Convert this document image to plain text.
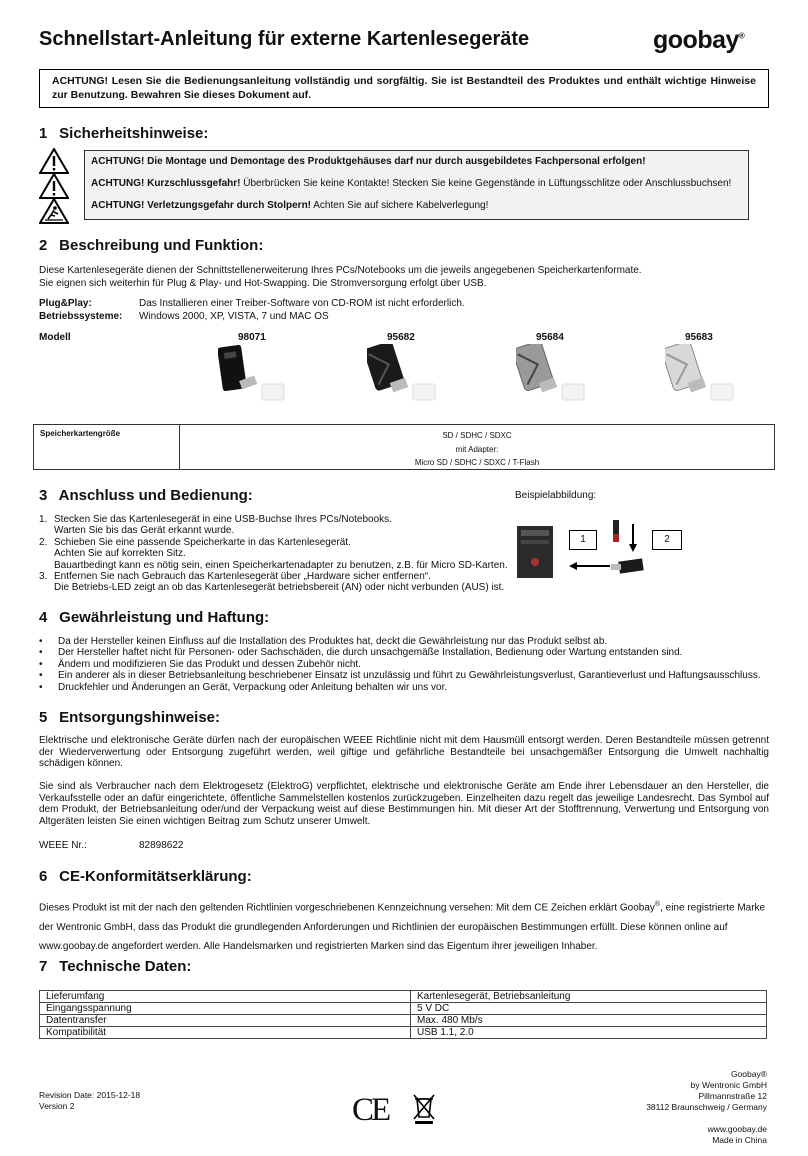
Schnellstart-Anleitung für externe Kartenlesegeräte	goobay®
ACHTUNG! Lesen Sie die Bedienungsanleitung vollständig und sorgfältig. Sie ist Bestandteil des Produktes und enthält wichtige Hinweise zur Benutzung. Bewahren Sie dieses Dokument auf.
1 Sicherheitshinweise:

ACHTUNG! Die Montage und Demontage des Produktgehäuses darf nur durch ausgebildetes Fachpersonal erfolgen!

ACHTUNG! Kurzschlussgefahr! Überbrücken Sie keine Kontakte! Stecken Sie keine Gegenstände in Lüftungsschlitze oder Anschlussbuchsen!

ACHTUNG! Verletzungsgefahr durch Stolpern! Achten Sie auf sichere Kabelverlegung!

2 Beschreibung und Funktion:
Diese Kartenlesegeräte dienen der Schnittstellenerweiterung Ihres PCs/Notebooks um die jeweils angegebenen Speicherkartenformate.
Sie eignen sich weiterhin für Plug & Play- und Hot-Swapping. Die Stromversorgung erfolgt über USB.
Plug&Play:	Das Installieren einer Treiber-Software von CD-ROM ist nicht erforderlich.
Betriebssysteme: Windows 2000, XP, VISTA, 7 und MAC OS
Modell	98071	95682	95684	95683
Speicherkartengröße	SD / SDHC / SDXC
mit Adapter:
Micro SD / SDHC / SDXC / T-Flash
3 Anschluss und Bedienung:	Beispielabbildung:
1. Stecken Sie das Kartenlesegerät in eine USB-Buchse Ihres PCs/Notebooks.
Warten Sie bis das Gerät erkannt wurde.
2. Schieben Sie eine passende Speicherkarte in das Kartenlesegerät.
Achten Sie auf korrekten Sitz.
Bauartbedingt kann es nötig sein, einen Speicherkartenadapter zu benutzen, z.B. für Micro SD-Karten.
3. Entfernen Sie nach Gebrauch das Kartenlesegerät über „Hardware sicher entfernen“.
Die Betriebs-LED zeigt an ob das Kartenlesegerät betriebsbereit (AN) oder nicht verbunden (AUS) ist.
1	2
4 Gewährleistung und Haftung:
• Da der Hersteller keinen Einfluss auf die Installation des Produktes hat, deckt die Gewährleistung nur das Produkt selbst ab.
• Der Hersteller haftet nicht für Personen- oder Sachschäden, die durch unsachgemäße Installation, Bedienung oder Wartung entstanden sind.
• Ändern und modifizieren Sie das Produkt und dessen Zubehör nicht.
• Ein anderer als in dieser Betriebsanleitung beschriebener Einsatz ist unzulässig und führt zu Gewährleistungsverlust, Garantieverlust und Haftungsausschluss.
• Druckfehler und Änderungen an Gerät, Verpackung oder Anleitung behalten wir uns vor.
5 Entsorgungshinweise:
Elektrische und elektronische Geräte dürfen nach der europäischen WEEE Richtlinie nicht mit dem Hausmüll entsorgt werden. Deren Bestandteile müssen getrennt der Wiederverwertung oder Entsorgung zugeführt werden, weil giftige und gefährliche Bestandteile bei unsachgemäßer Entsorgung die Umwelt nachhaltig schädigen können.
Sie sind als Verbraucher nach dem Elektrogesetz (ElektroG) verpflichtet, elektrische und elektronische Geräte am Ende ihrer Lebensdauer an den Hersteller, die Verkaufsstelle oder an dafür eingerichtete, öffentliche Sammelstellen kostenlos zurückzugeben. Einzelheiten dazu regelt das jeweilige Landesrecht. Das Symbol auf dem Produkt, der Betriebsanleitung oder/und der Verpackung weist auf diese Bestimmungen hin. Mit dieser Art der Stofftrennung, Verwertung und Entsorgung von Altgeräten leisten Sie einen wichtigen Beitrag zum Schutz unserer Umwelt.
WEEE Nr.:	82898622
6 CE-Konformitätserklärung:
Dieses Produkt ist mit der nach den geltenden Richtlinien vorgeschriebenen Kennzeichnung versehen: Mit dem CE Zeichen erklärt Goobay®, eine registrierte Marke der Wentronic GmbH, dass das Produkt die grundlegenden Anforderungen und Richtlinien der europäischen Bestimmungen erfüllt. Diese können online auf www.goobay.de angefordert werden. Alle Handelsmarken und registrierten Marken sind das Eigentum ihrer jeweiligen Inhaber.
7 Technische Daten:
Lieferumfang	Kartenlesegerät, Betriebsanleitung
Eingangsspannung	5 V DC
Datentransfer	Max. 480 Mb/s
Kompatibilität	USB 1.1, 2.0
Revision Date: 2015-12-18
Version 2	CE
Goobay®
by Wentronic GmbH
Pillmannstraße 12
38112 Braunschweig / Germany
www.goobay.de
Made in China
